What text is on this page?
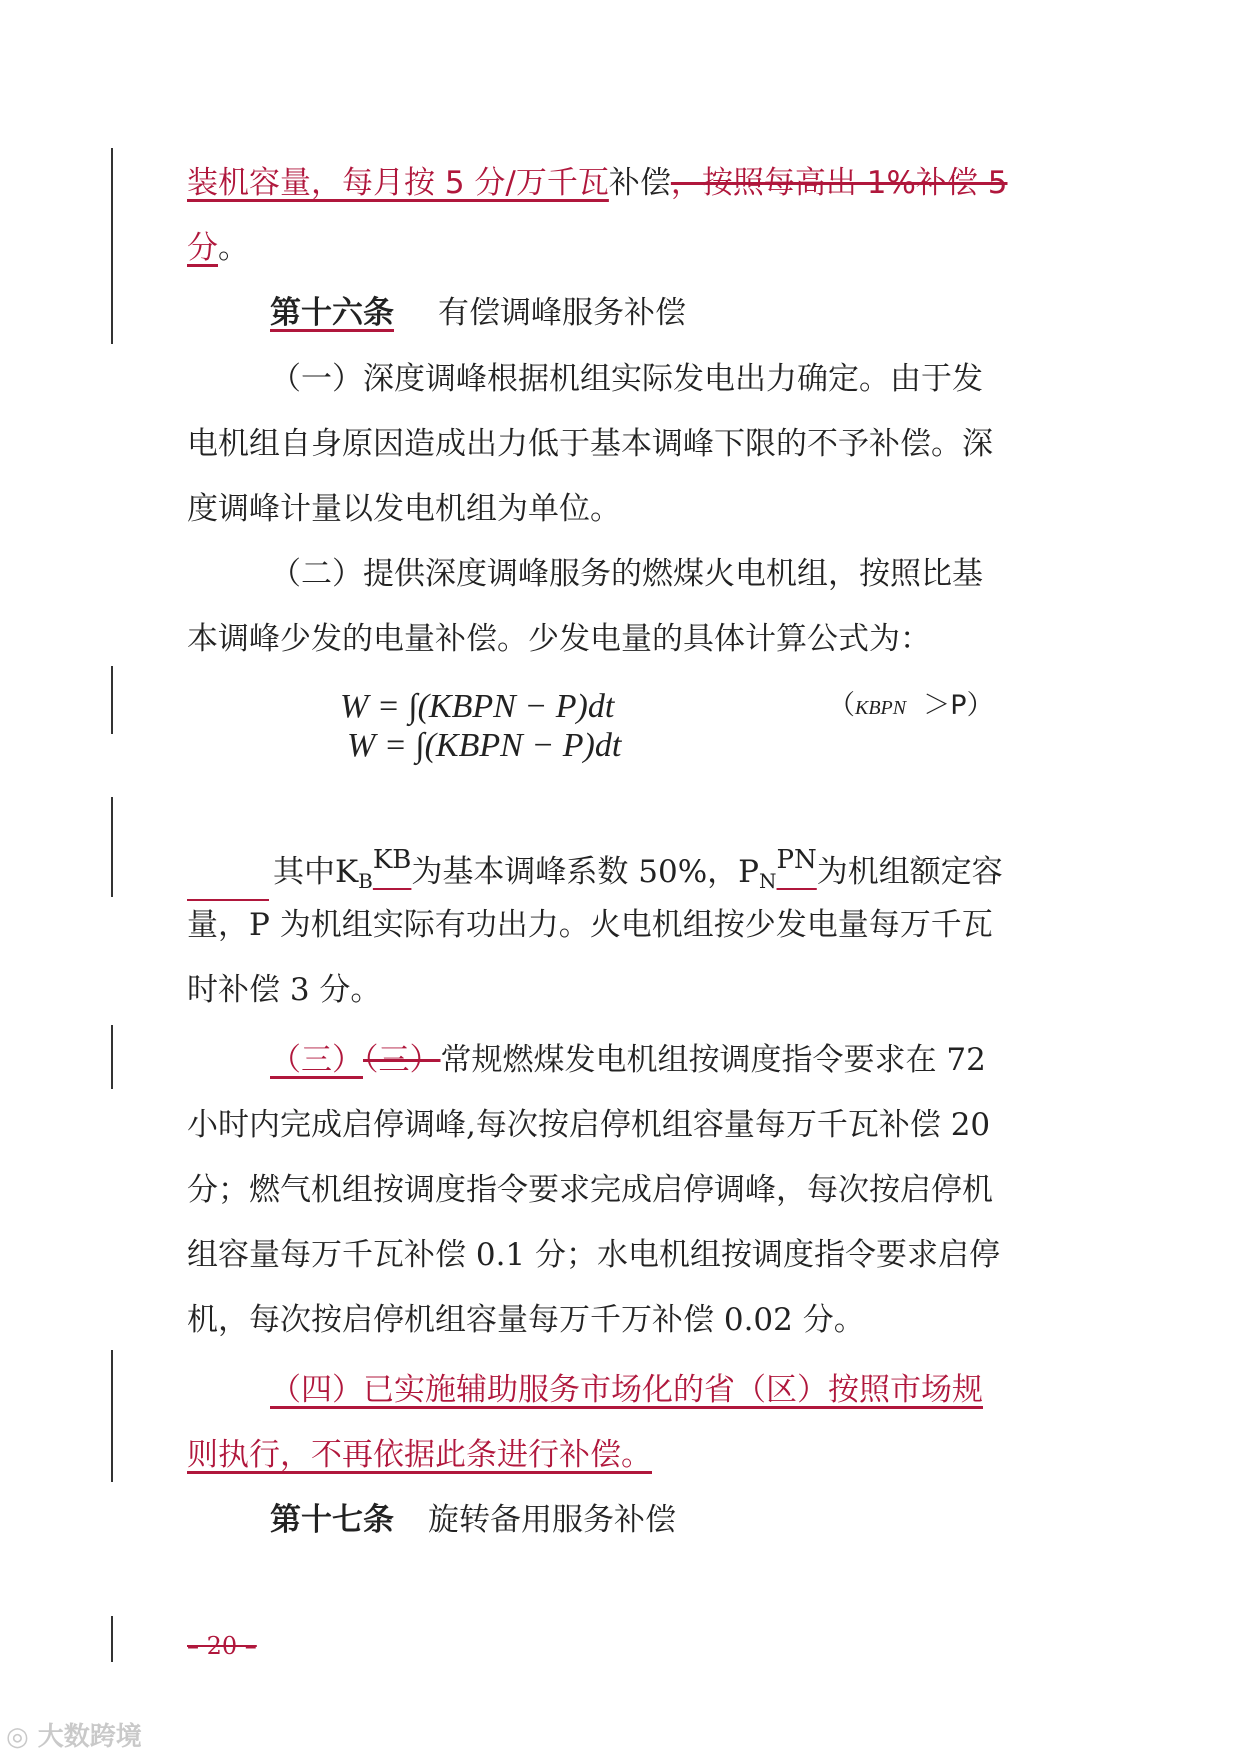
装机容量，每月按 5 分/万千瓦补偿，按照每高出 1%补偿 5
分。
第十六条 有偿调峰服务补偿
（一）深度调峰根据机组实际发电出力确定。由于发
电机组自身原因造成出力低于基本调峰下限的不予补偿。深
度调峰计量以发电机组为单位。
（二）提供深度调峰服务的燃煤火电机组，按照比基
本调峰少发的电量补偿。少发电量的具体计算公式为：
W = ∫(KBPN − P)dt
W = ∫(KBPN − P)dt
（KBPN ＞P）
其中$K_B^{KB}$为基本调峰系数 50%，$P_N^{PN}$为机组额定容
量，P 为机组实际有功出力。火电机组按少发电量每万千瓦
时补偿 3 分。
（三）（三）常规燃煤发电机组按调度指令要求在 72
小时内完成启停调峰,每次按启停机组容量每万千瓦补偿 20
分；燃气机组按调度指令要求完成启停调峰，每次按启停机
组容量每万千瓦补偿 0.1 分；水电机组按调度指令要求启停
机，每次按启停机组容量每万千万补偿 0.02 分。
（四）已实施辅助服务市场化的省（区）按照市场规
则执行，不再依据此条进行补偿。
第十七条 旋转备用服务补偿
– 20 –
◎ 大数跨境
